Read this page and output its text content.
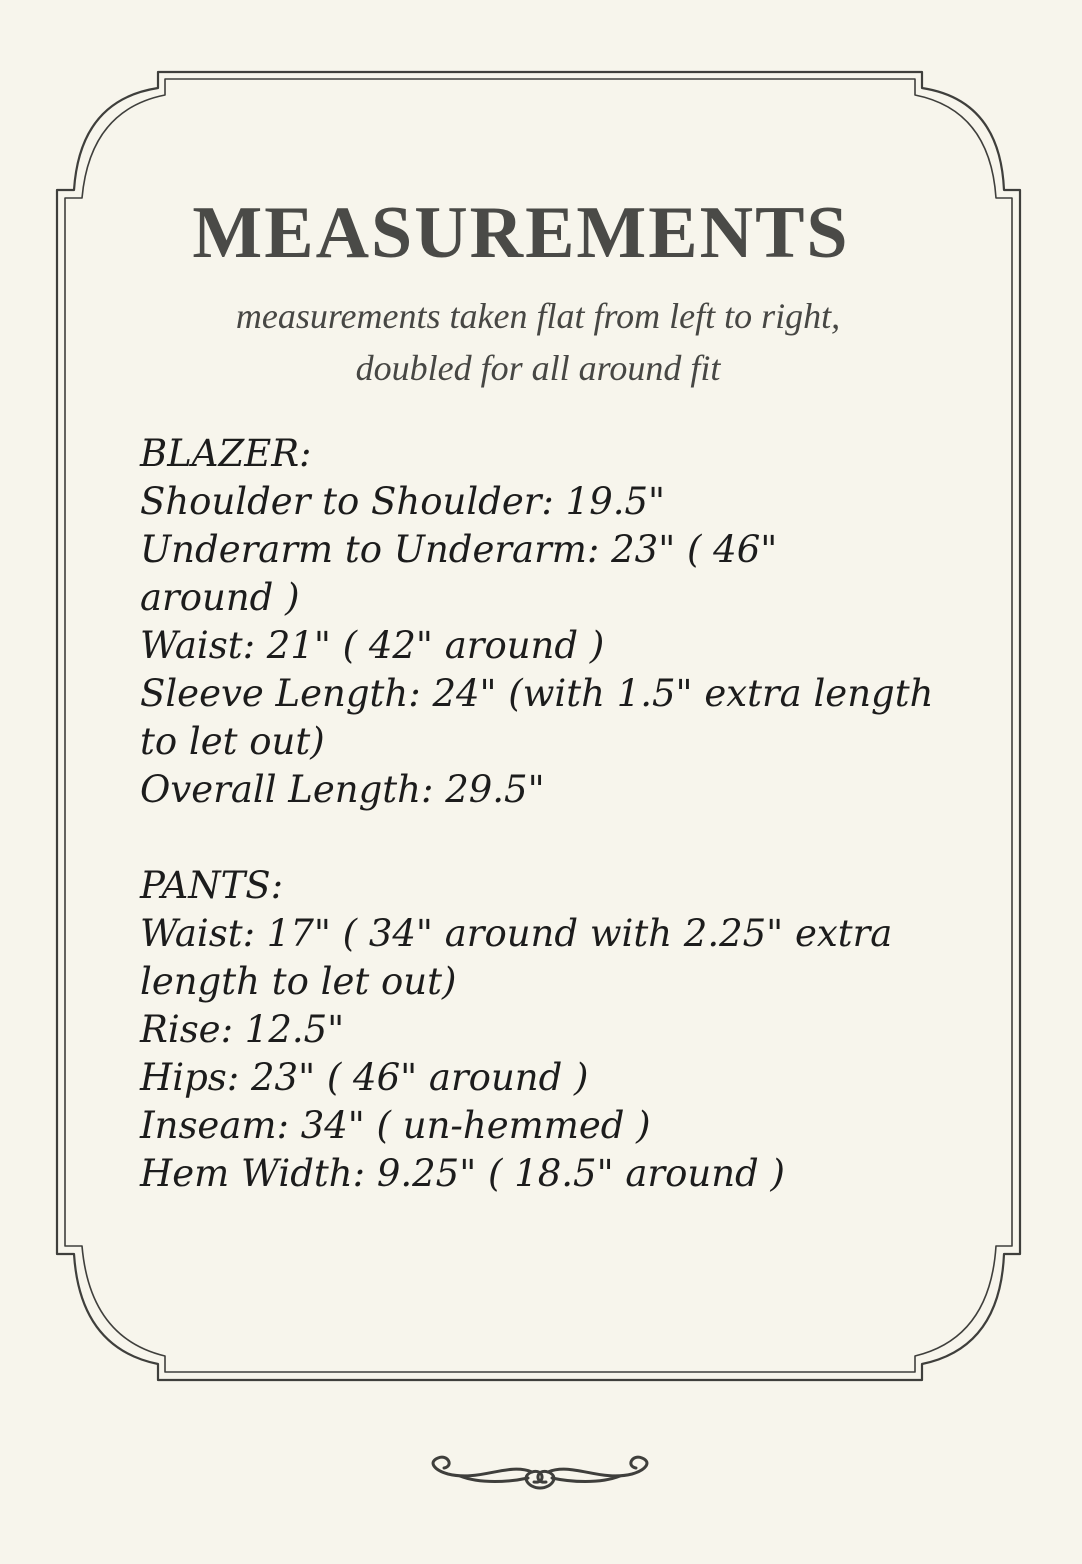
MEASUREMENTS
measurements taken flat from left to right,
doubled for all around fit
BLAZER:
Shoulder to Shoulder: 19.5"
Underarm to Underarm: 23" ( 46"
around )
Waist: 21" ( 42" around )
Sleeve Length: 24" (with 1.5" extra length
to let out)
Overall Length: 29.5"
PANTS:
Waist: 17" ( 34" around with 2.25" extra
length to let out)
Rise: 12.5"
Hips: 23" ( 46" around )
Inseam: 34" ( un-hemmed )
Hem Width: 9.25" ( 18.5" around )
